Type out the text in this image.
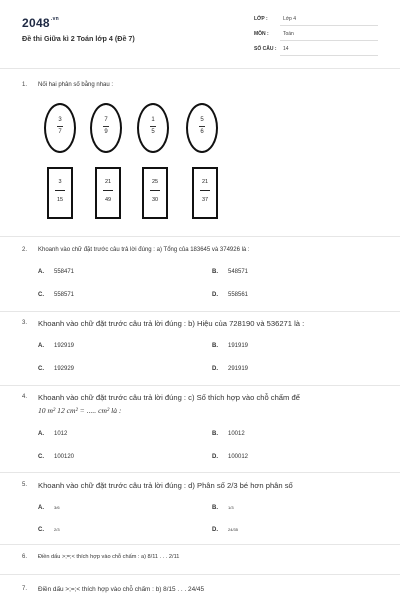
$2048^{.vn}$
Đề thi Giữa kì 2 Toán lớp 4 (Đề 7)
LỚP :	Lớp 4
MÔN :	Toán
SỐ CÂU : 14
1. Nối hai phân số bằng nhau :
3
7
7
9
1
5
5
6
3
15
21
49
25
30
21
37
2. Khoanh vào chữ đặt trước câu trả lời đúng : a) Tổng của 183645 và 374926 là :
A. 558471	B. 548571
C. 558571	D. 558561
3. Khoanh vào chữ đặt trước câu trả lời đúng : b) Hiệu của 728190 và 536271 là :
A. 192919	B. 191919
C. 192929	D. 291919
4. Khoanh vào chữ đặt trước câu trả lời đúng : c) Số thích hợp vào chỗ chấm để
10 m² 12 cm² = ..... cm² là :
A. 1012	B. 10012
C. 100120	D. 100012
5. Khoanh vào chữ đặt trước câu trả lời đúng : d) Phân số 2/3 bé hơn phân số
A.	3/6	B.	1/3
C.	2/3	D.	24/35
6. Điền dấu >;=;< thích hợp vào chỗ chấm : a) 8/11 . . . 2/11
7. Điền dấu >;=;< thích hợp vào chỗ chấm : b) 8/15 . . . 24/45
